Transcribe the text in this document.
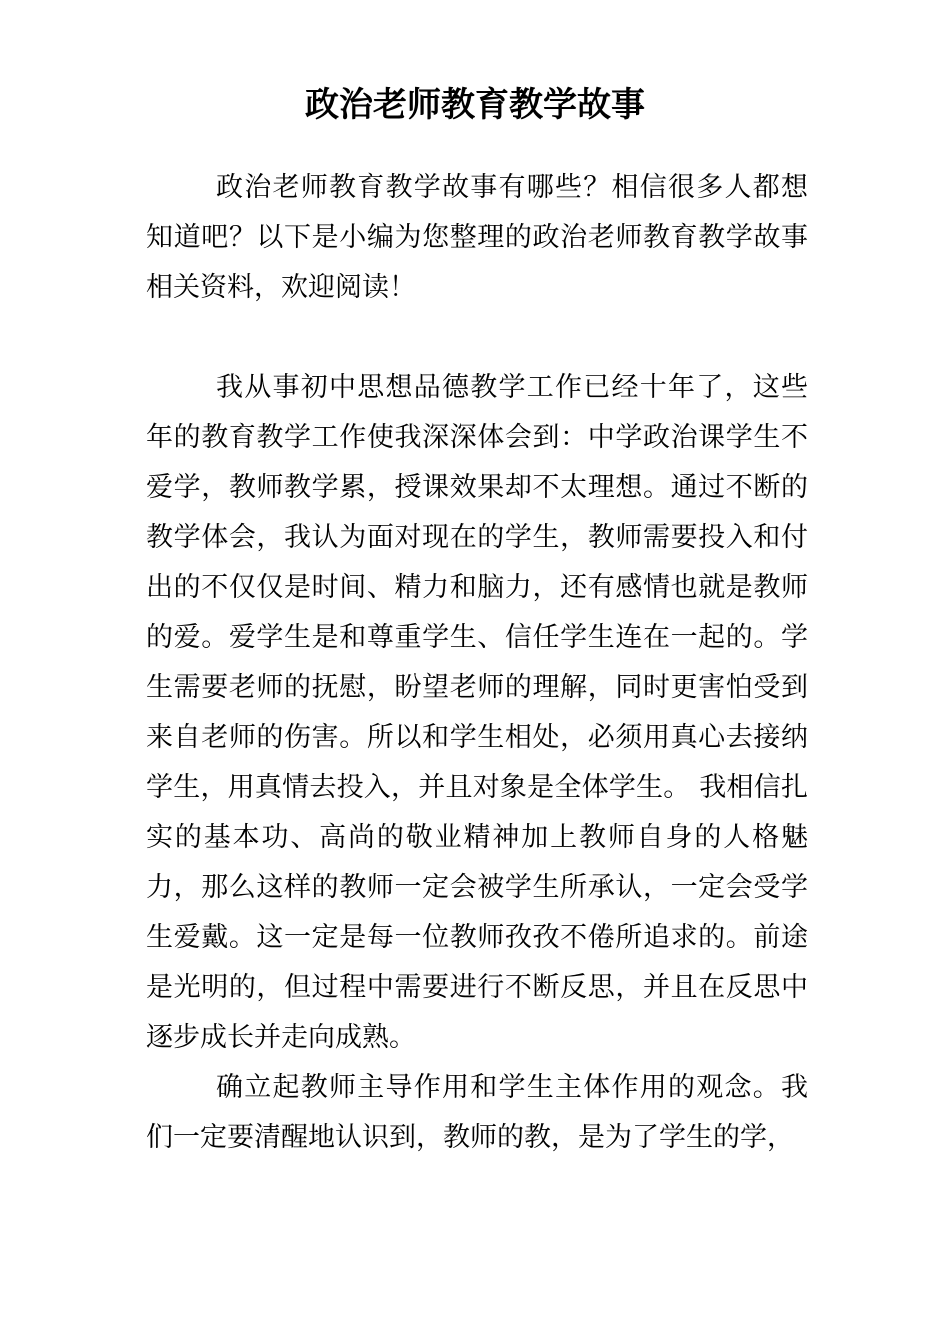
政治老师教育教学故事

政治老师教育教学故事有哪些？相信很多人都想知道吧？以下是小编为您整理的政治老师教育教学故事相关资料，欢迎阅读！

我从事初中思想品德教学工作已经十年了，这些年的教育教学工作使我深深体会到：中学政治课学生不爱学，教师教学累，授课效果却不太理想。通过不断的教学体会，我认为面对现在的学生，教师需要投入和付出的不仅仅是时间、精力和脑力，还有感情也就是教师的爱。爱学生是和尊重学生、信任学生连在一起的。学生需要老师的抚慰，盼望老师的理解，同时更害怕受到来自老师的伤害。所以和学生相处，必须用真心去接纳学生，用真情去投入，并且对象是全体学生。 我相信扎实的基本功、高尚的敬业精神加上教师自身的人格魅力，那么这样的教师一定会被学生所承认，一定会受学生爱戴。这一定是每一位教师孜孜不倦所追求的。前途是光明的，但过程中需要进行不断反思，并且在反思中逐步成长并走向成熟。

确立起教师主导作用和学生主体作用的观念。我们一定要清醒地认识到，教师的教，是为了学生的学，
